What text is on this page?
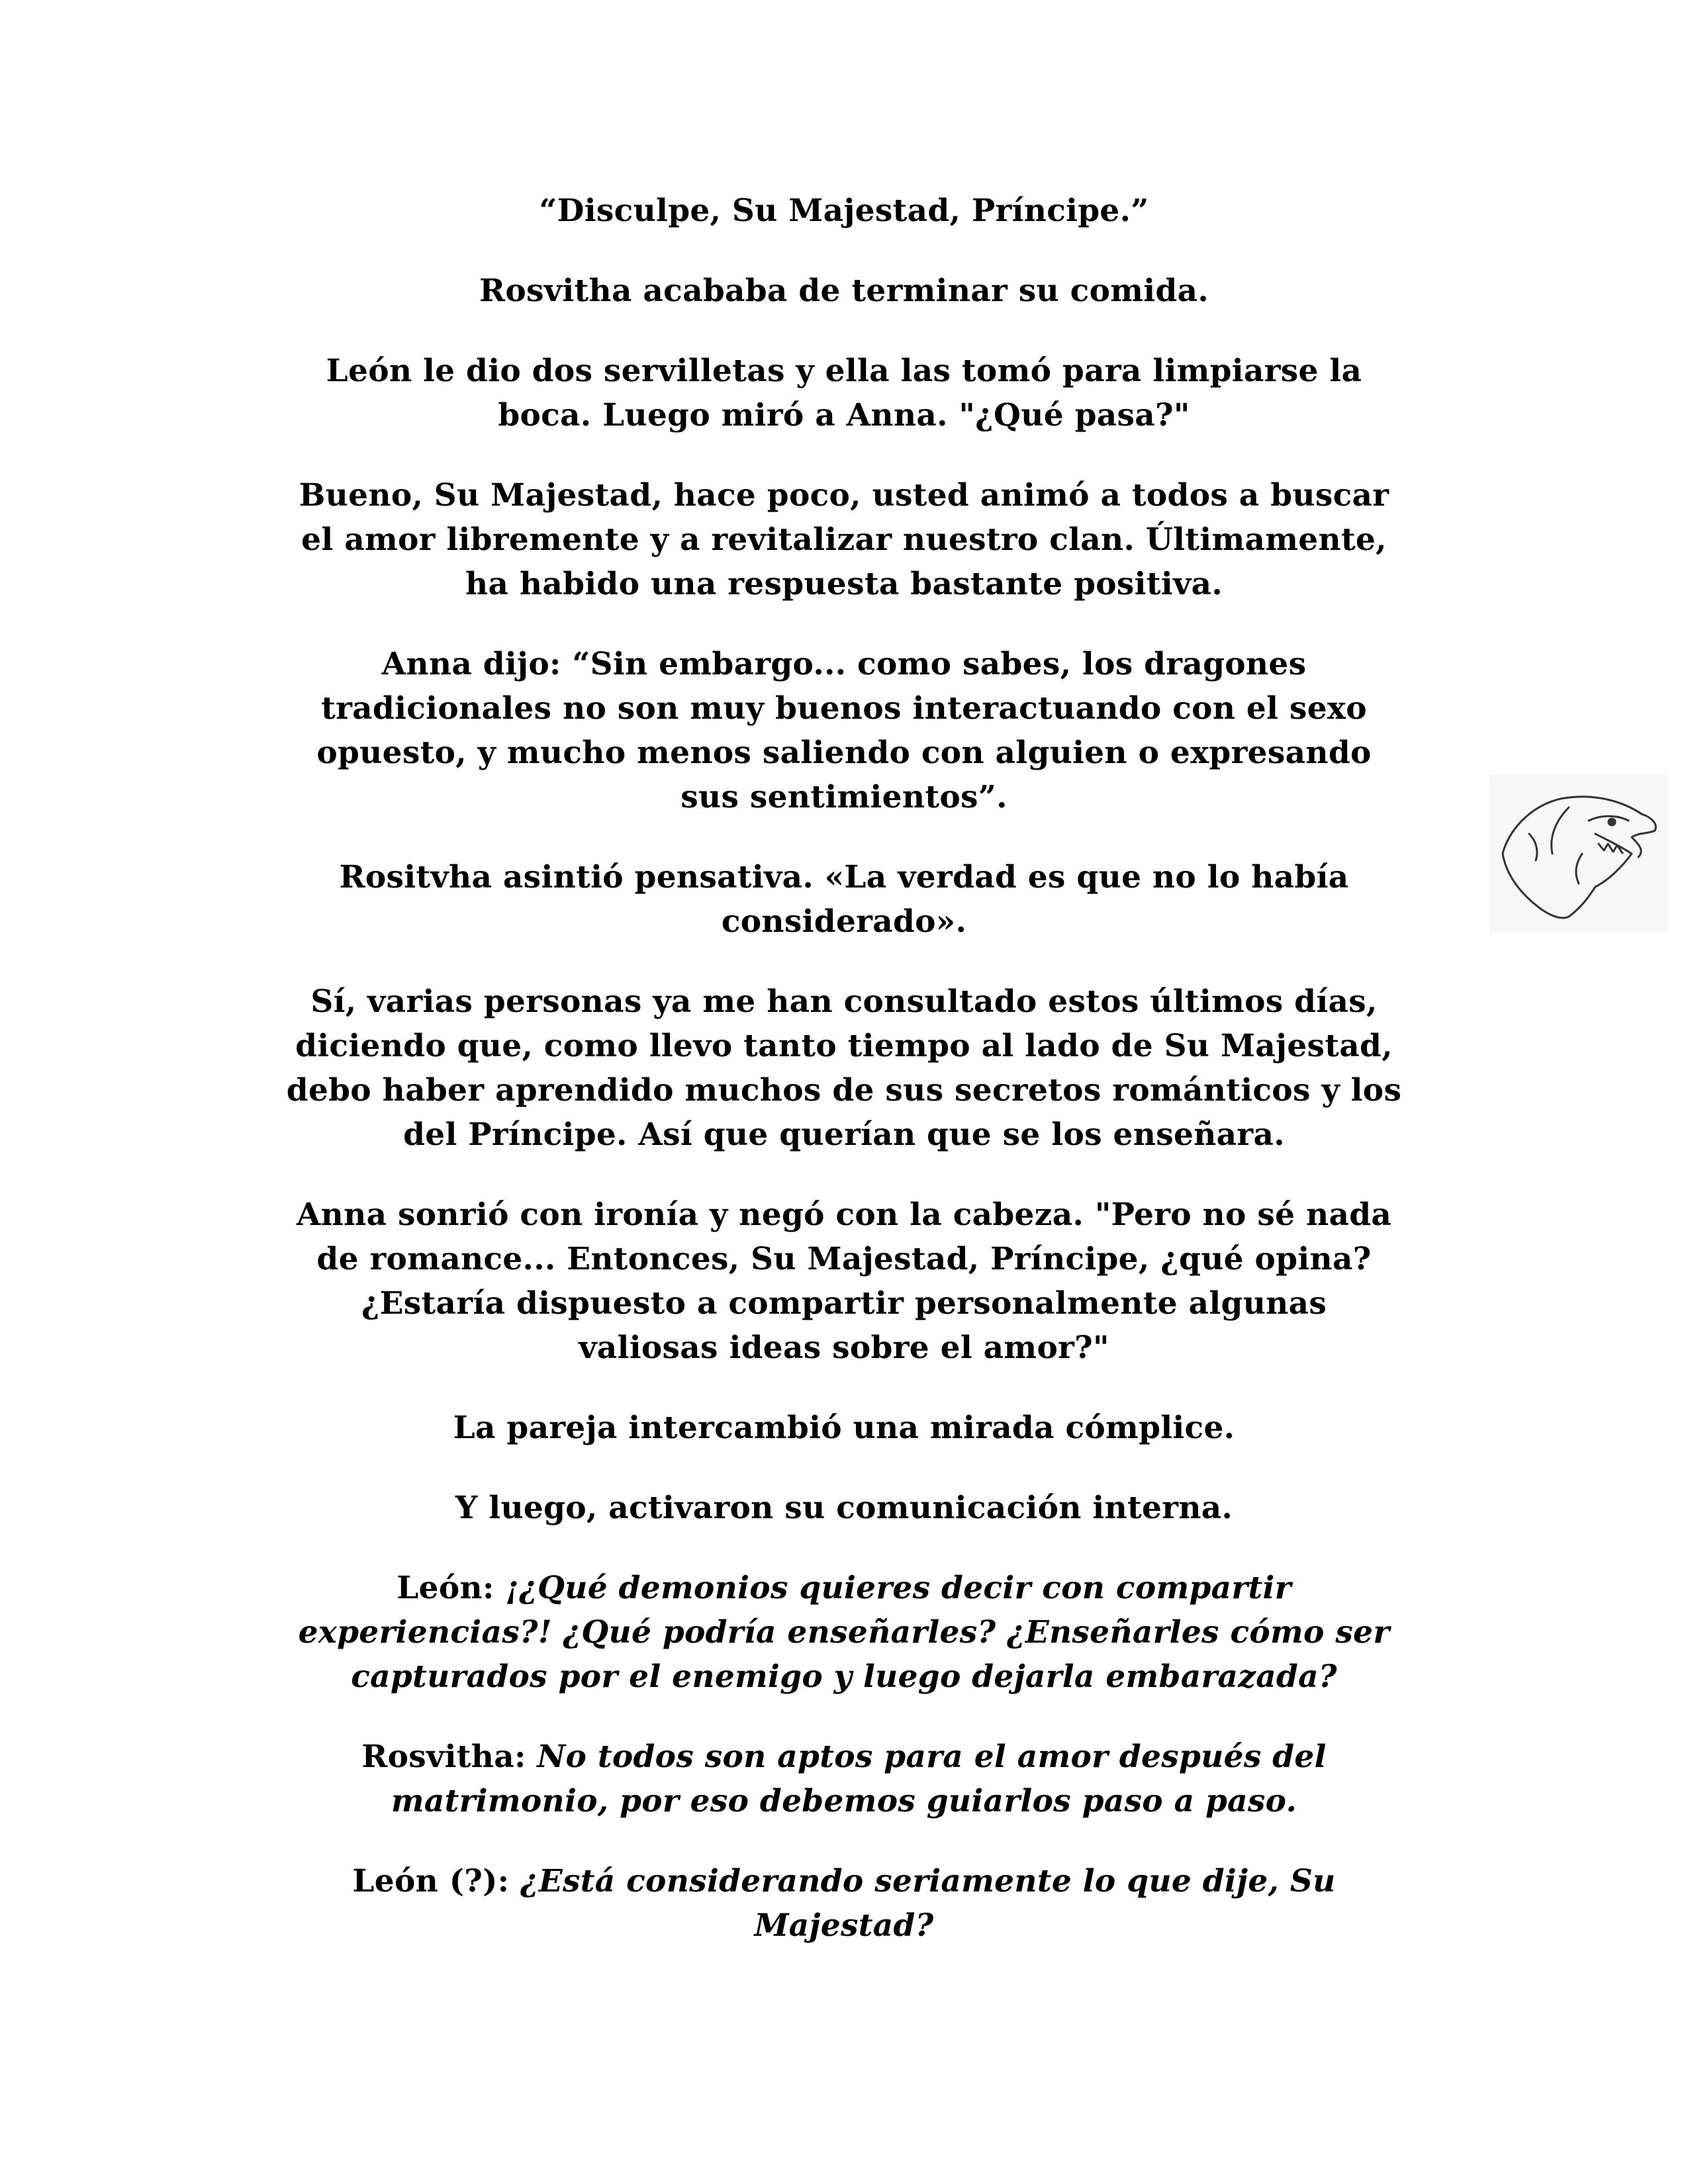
“Disculpe, Su Majestad, Príncipe.”

Rosvitha acababa de terminar su comida.

León le dio dos servilletas y ella las tomó para limpiarse la
boca. Luego miró a Anna. "¿Qué pasa?"

Bueno, Su Majestad, hace poco, usted animó a todos a buscar
el amor libremente y a revitalizar nuestro clan. Últimamente,
ha habido una respuesta bastante positiva.

Anna dijo: “Sin embargo... como sabes, los dragones
tradicionales no son muy buenos interactuando con el sexo
opuesto, y mucho menos saliendo con alguien o expresando
sus sentimientos”.

Rositvha asintió pensativa. «La verdad es que no lo había
considerado».

Sí, varias personas ya me han consultado estos últimos días,
diciendo que, como llevo tanto tiempo al lado de Su Majestad,
debo haber aprendido muchos de sus secretos románticos y los
del Príncipe. Así que querían que se los enseñara.

Anna sonrió con ironía y negó con la cabeza. "Pero no sé nada
de romance... Entonces, Su Majestad, Príncipe, ¿qué opina?
¿Estaría dispuesto a compartir personalmente algunas
valiosas ideas sobre el amor?"

La pareja intercambió una mirada cómplice.

Y luego, activaron su comunicación interna.

León: ¡¿Qué demonios quieres decir con compartir
experiencias?! ¿Qué podría enseñarles? ¿Enseñarles cómo ser
capturados por el enemigo y luego dejarla embarazada?

Rosvitha: No todos son aptos para el amor después del
matrimonio, por eso debemos guiarlos paso a paso.

León (?): ¿Está considerando seriamente lo que dije, Su
Majestad?
